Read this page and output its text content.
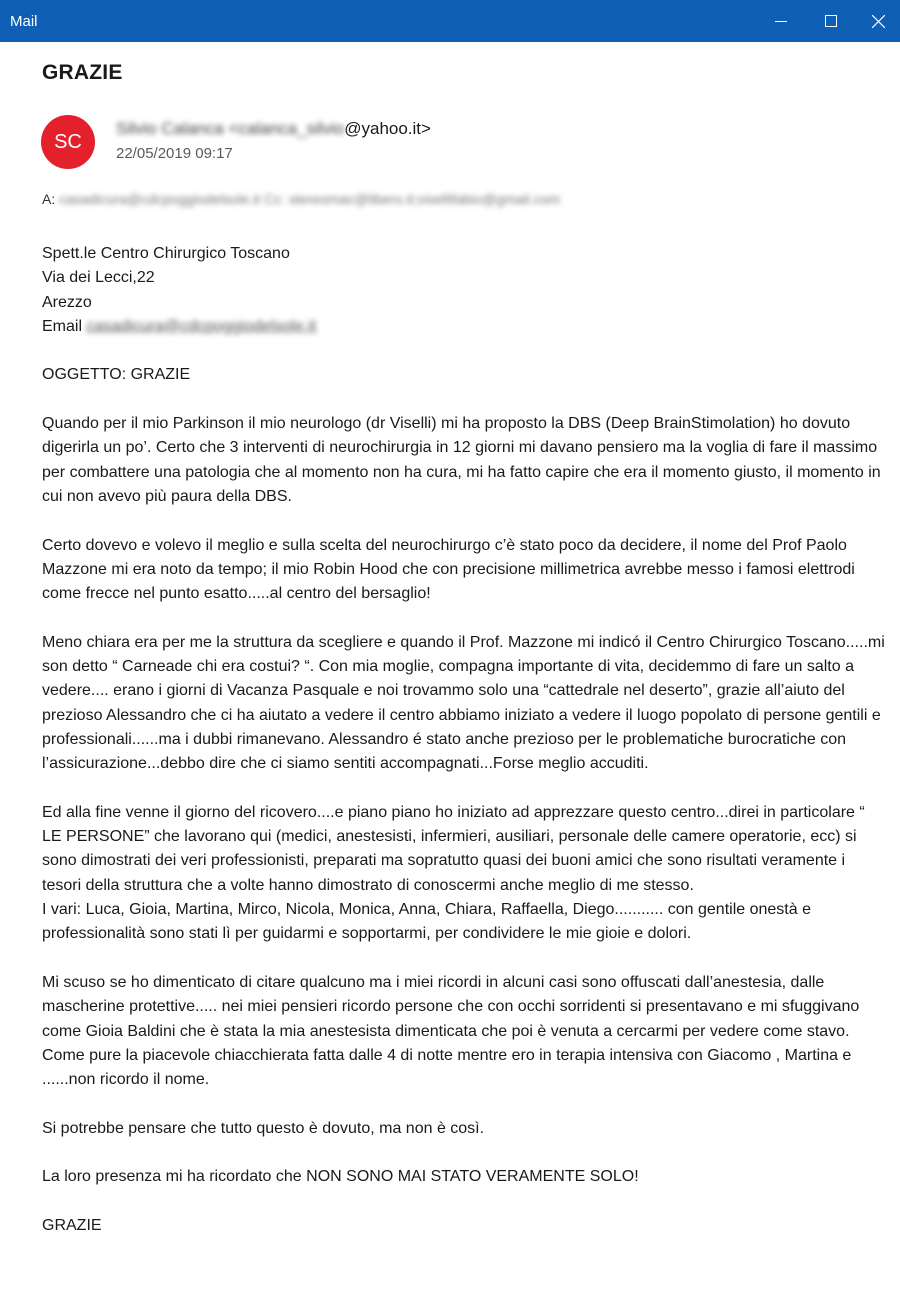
Mail
GRAZIE
SC
Silvio Calanca <calanca_silvio@yahoo.it>
22/05/2019 09:17
A: casadicura@cdcpoggiodelsole.it Cc: stereomac@libero.it;visellifabio@gmail.com

Spett.le Centro Chirurgico Toscano
Via dei Lecci,22
Arezzo
Email casadicura@cdcpoggiodelsole.it

OGGETTO: GRAZIE

Quando per il mio Parkinson il mio neurologo (dr Viselli) mi ha proposto la DBS (Deep BrainStimolation) ho dovuto digerirla un po’. Certo che 3 interventi di neurochirurgia in 12 giorni mi davano pensiero ma la voglia di fare il massimo per combattere una patologia che al momento non ha cura, mi ha fatto capire che era il momento giusto, il momento in cui non avevo più paura della DBS.

Certo dovevo e volevo il meglio e sulla scelta del neurochirurgo c’è stato poco da decidere, il nome del Prof Paolo Mazzone mi era noto da tempo; il mio Robin Hood che con precisione millimetrica avrebbe messo i famosi elettrodi come frecce nel punto esatto.....al centro del bersaglio!

Meno chiara era per me la struttura da scegliere e quando il Prof. Mazzone mi indicó il Centro Chirurgico Toscano.....mi son detto “ Carneade chi era costui? “. Con mia moglie, compagna importante di vita, decidemmo di fare un salto a vedere.... erano i giorni di Vacanza Pasquale e noi trovammo solo una “cattedrale nel deserto”, grazie all’aiuto del prezioso Alessandro che ci ha aiutato a vedere il centro abbiamo iniziato a vedere il luogo popolato di persone gentili e professionali......ma i dubbi rimanevano. Alessandro é stato anche prezioso per le problematiche burocratiche con l’assicurazione...debbo dire che ci siamo sentiti accompagnati...Forse meglio accuditi.

Ed alla fine venne il giorno del ricovero....e piano piano ho iniziato ad apprezzare questo centro...direi in particolare “ LE PERSONE” che lavorano qui (medici, anestesisti, infermieri, ausiliari, personale delle camere operatorie, ecc) si sono dimostrati dei veri professionisti, preparati ma sopratutto quasi dei buoni amici che sono risultati veramente i tesori della struttura che a volte hanno dimostrato di conoscermi anche meglio di me stesso.
I vari: Luca, Gioia, Martina, Mirco, Nicola, Monica, Anna, Chiara, Raffaella, Diego........... con gentile onestà e professionalità sono stati lì per guidarmi e sopportarmi, per condividere le mie gioie e dolori.

Mi scuso se ho dimenticato di citare qualcuno ma i miei ricordi in alcuni casi sono offuscati dall’anestesia, dalle mascherine protettive..... nei miei pensieri ricordo persone che con occhi sorridenti si presentavano e mi sfuggivano come Gioia Baldini che è stata la mia anestesista dimenticata che poi è venuta a cercarmi per vedere come stavo.
Come pure la piacevole chiacchierata fatta dalle 4 di notte mentre ero in terapia intensiva con Giacomo , Martina e ......non ricordo il nome.

Si potrebbe pensare che tutto questo è dovuto, ma non è così.

La loro presenza mi ha ricordato che NON SONO MAI STATO VERAMENTE SOLO!

GRAZIE
